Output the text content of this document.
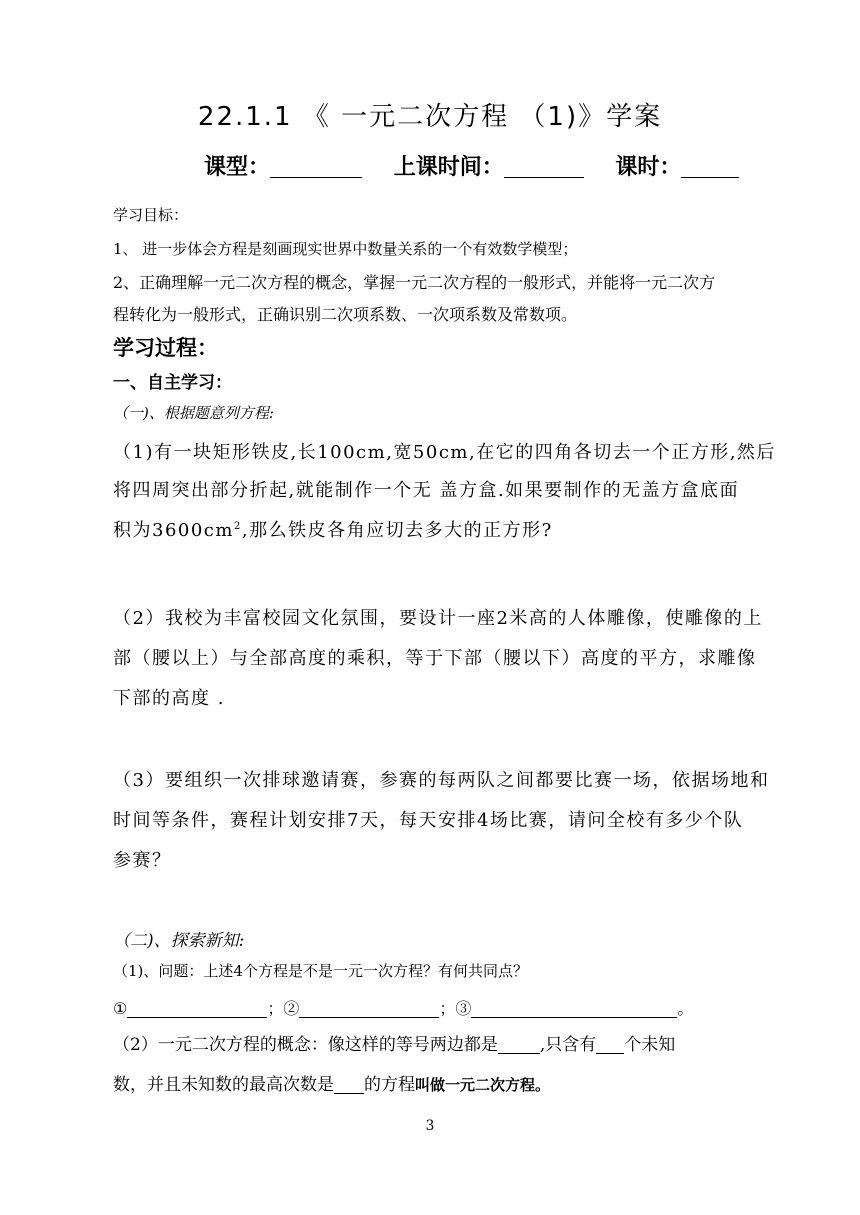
22.1.1 《 一元二次方程 （1)》学案
课型：	上课时间：	课时：
学习目标：
1、 进一步体会方程是刻画现实世界中数量关系的一个有效数学模型；
2、正确理解一元二次方程的概念，掌握一元二次方程的一般形式，并能将一元二次方
程转化为一般形式，正确识别二次项系数、一次项系数及常数项。
学习过程：
一、自主学习：
（一)、根据题意列方程:
（1)有一块矩形铁皮,长100cm,宽50cm,在它的四角各切去一个正方形,然后
将四周突出部分折起,就能制作一个无 盖方盒.如果要制作的无盖方盒底面
积为$3600cm^2$,那么铁皮各角应切去多大的正方形?
（2）我校为丰富校园文化氛围，要设计一座2米高的人体雕像，使雕像的上
部（腰以上）与全部高度的乘积，等于下部（腰以下）高度的平方，求雕像
下部的高度 .
（3）要组织一次排球邀请赛，参赛的每两队之间都要比赛一场，依据场地和
时间等条件，赛程计划安排7天，每天安排4场比赛，请问全校有多少个队
参赛？
（二)、探索新知:
（1)、问题：上述4个方程是不是一元一次方程？有何共同点？
①	；②	；③	。
（2）一元二次方程的概念：像这样的等号两边都是 ,只含有 个未知
数，并且未知数的最高次数是 的方程叫做一元二次方程。
3
